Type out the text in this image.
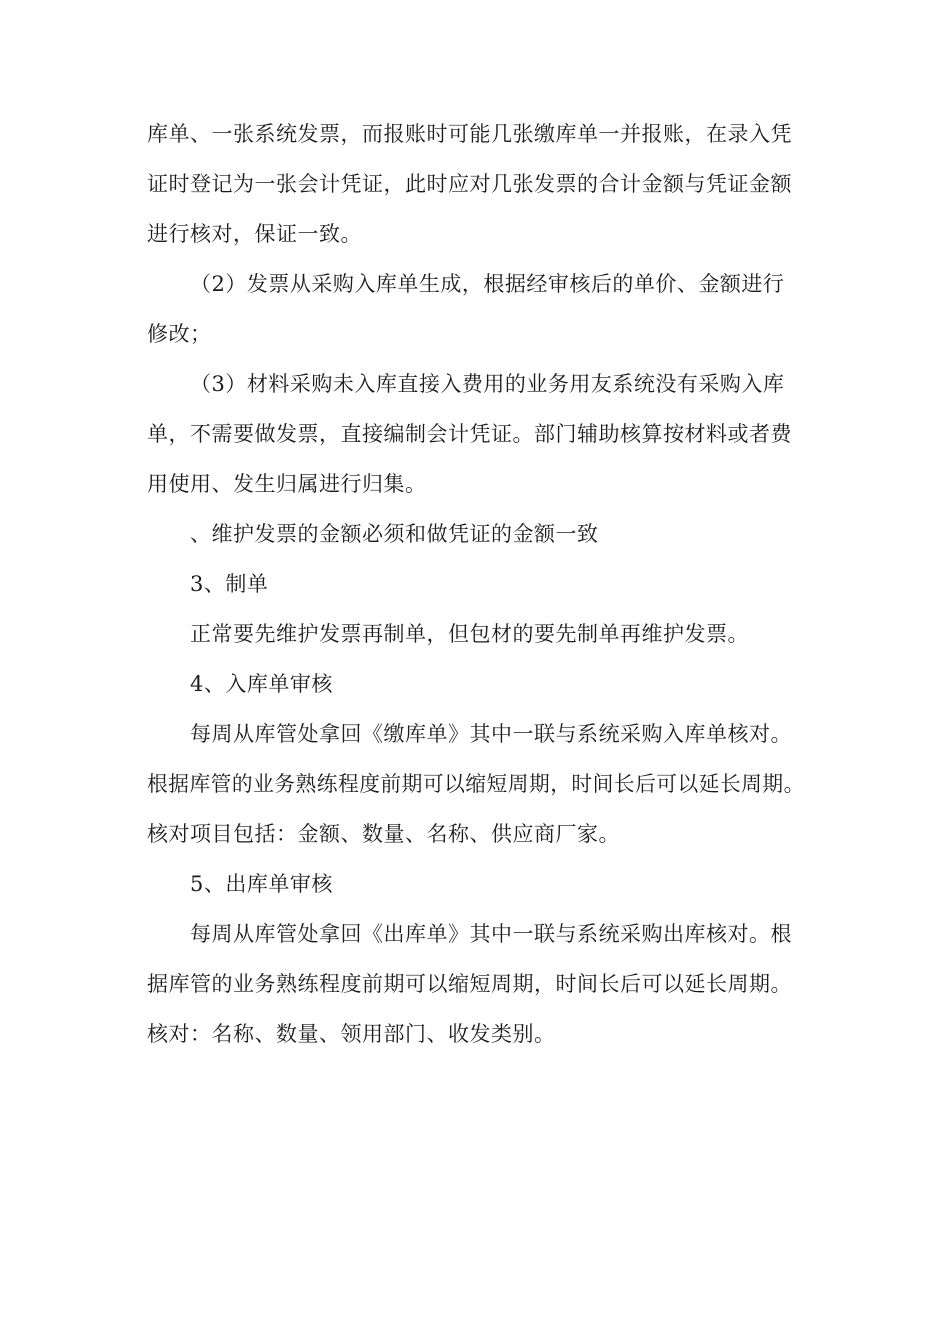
库单、一张系统发票，而报账时可能几张缴库单一并报账，在录入凭
证时登记为一张会计凭证，此时应对几张发票的合计金额与凭证金额
进行核对，保证一致。
（2）发票从采购入库单生成，根据经审核后的单价、金额进行
修改；
（3）材料采购未入库直接入费用的业务用友系统没有采购入库
单，不需要做发票，直接编制会计凭证。部门辅助核算按材料或者费
用使用、发生归属进行归集。
、维护发票的金额必须和做凭证的金额一致
3、制单
正常要先维护发票再制单，但包材的要先制单再维护发票。
4、入库单审核
每周从库管处拿回《缴库单》其中一联与系统采购入库单核对。
根据库管的业务熟练程度前期可以缩短周期，时间长后可以延长周期。
核对项目包括：金额、数量、名称、供应商厂家。
5、出库单审核
每周从库管处拿回《出库单》其中一联与系统采购出库核对。根
据库管的业务熟练程度前期可以缩短周期，时间长后可以延长周期。
核对：名称、数量、领用部门、收发类别。
